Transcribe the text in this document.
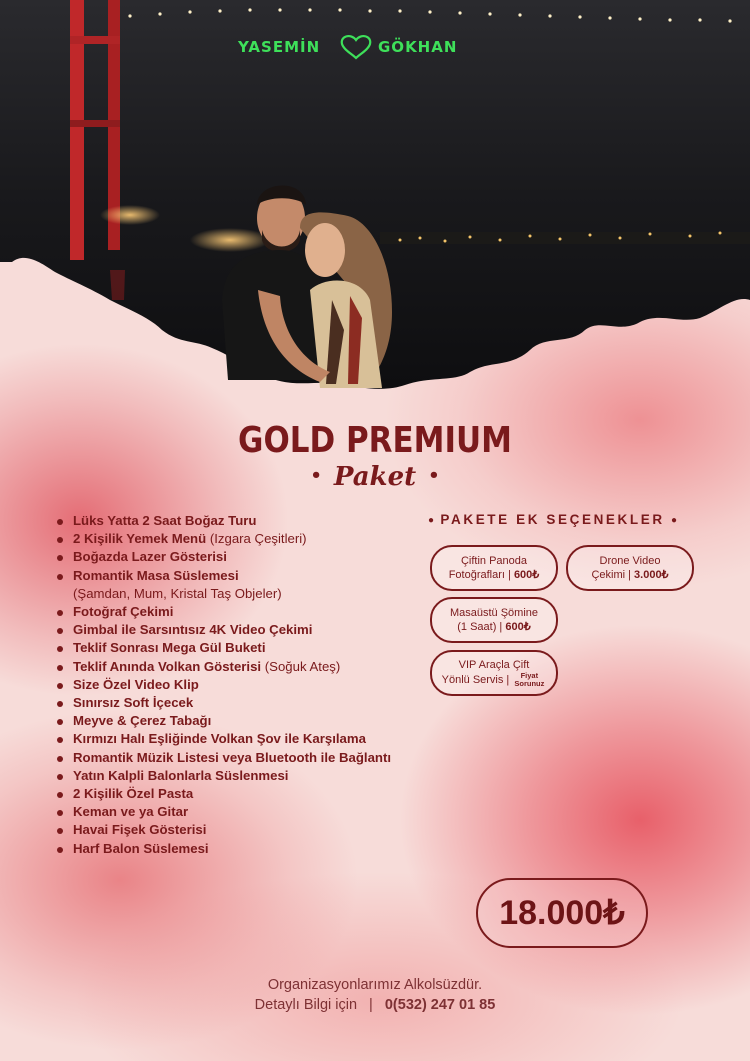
YASEMİN	GÖKHAN
GOLD PREMIUM
• Paket •
Lüks Yatta 2 Saat Boğaz Turu
2 Kişilik Yemek Menü (Izgara Çeşitleri)
Boğazda Lazer Gösterisi
Romantik Masa Süslemesi
(Şamdan, Mum, Kristal Taş Objeler)
Fotoğraf Çekimi
Gimbal ile Sarsıntısız 4K Video Çekimi
Teklif Sonrası Mega Gül Buketi
Teklif Anında Volkan Gösterisi (Soğuk Ateş)
Size Özel Video Klip
Sınırsız Soft İçecek
Meyve & Çerez Tabağı
Kırmızı Halı Eşliğinde Volkan Şov ile Karşılama
Romantik Müzik Listesi veya Bluetooth ile Bağlantı
Yatın Kalpli Balonlarla Süslenmesi
2 Kişilik Özel Pasta
Keman ve ya Gitar
Havai Fişek Gösterisi
Harf Balon Süslemesi
● PAKETE EK SEÇENEKLER ●
Çiftin Panoda
Fotoğrafları | 600₺
Drone Video
Çekimi | 3.000₺
Masaüstü Şömine
(1 Saat) | 600₺
VIP Araçla Çift
Yönlü Servis | Fiyat Sorunuz
18.000₺
Organizasyonlarımız Alkolsüzdür.
Detaylı Bilgi için | 0(532) 247 01 85
